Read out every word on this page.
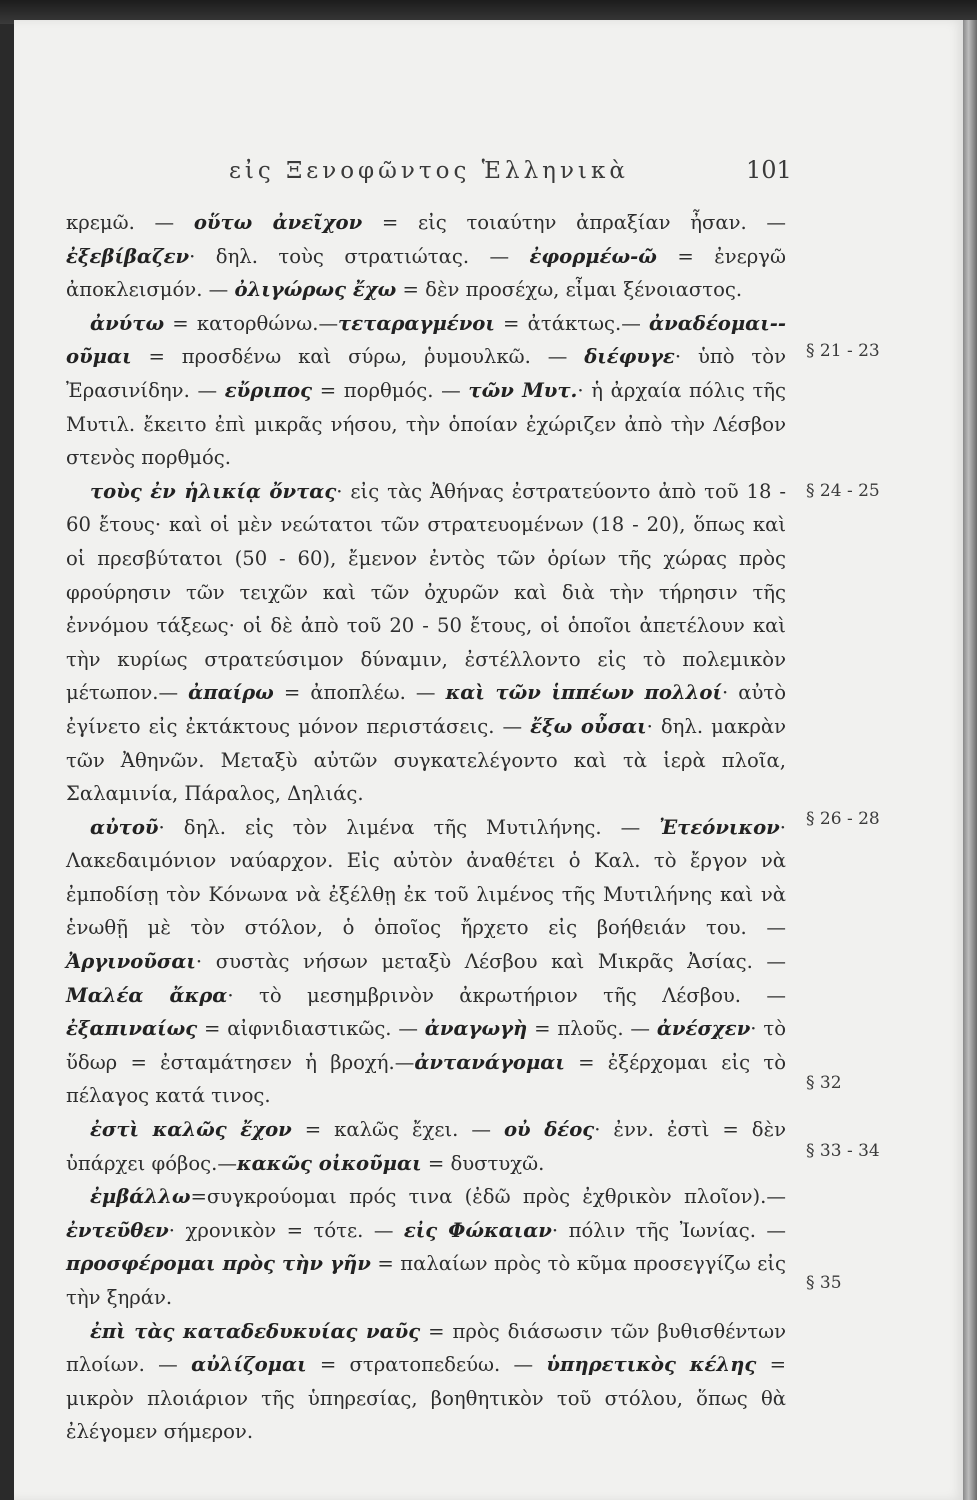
εἰς Ξενοφῶντος Ἑλληνικὰ	101

κρεμῶ. — οὕτω ἀνεῖχον = εἰς τοιαύτην ἀπραξίαν ἦσαν. — ἐξεβίβαζεν· δηλ. τοὺς στρατιώτας. — ἐφορμέω-ῶ = ἐνεργῶ ἀποκλεισμόν. — ὀλιγώρως ἔχω = δὲν προσέχω, εἶμαι ξένοιαστος.

ἀνύτω = κατορθώνω.—τεταραγμένοι = ἀτάκτως.— ἀναδέομαι--οῦμαι = προσδένω καὶ σύρω, ῥυμουλκῶ. — διέφυγε· ὑπὸ τὸν Ἐρασινίδην. — εὔριπος = πορθμός. — τῶν Μυτ.· ἡ ἀρχαία πόλις τῆς Μυτιλ. ἔκειτο ἐπὶ μικρᾶς νήσου, τὴν ὁποίαν ἐχώριζεν ἀπὸ τὴν Λέσβον στενὸς πορθμός.

τοὺς ἐν ἡλικίᾳ ὄντας· εἰς τὰς Ἀθήνας ἐστρατεύοντο ἀπὸ τοῦ 18 - 60 ἔτους· καὶ οἱ μὲν νεώτατοι τῶν στρατευομένων (18 - 20), ὅπως καὶ οἱ πρεσβύτατοι (50 - 60), ἔμενον ἐντὸς τῶν ὁρίων τῆς χώρας πρὸς φρούρησιν τῶν τειχῶν καὶ τῶν ὀχυρῶν καὶ διὰ τὴν τήρησιν τῆς ἐννόμου τάξεως· οἱ δὲ ἀπὸ τοῦ 20 - 50 ἔτους, οἱ ὁποῖοι ἀπετέλουν καὶ τὴν κυρίως στρατεύσιμον δύναμιν, ἐστέλλοντο εἰς τὸ πολεμικὸν μέτωπον.— ἀπαίρω = ἀποπλέω. — καὶ τῶν ἱππέων πολλοί· αὐτὸ ἐγίνετο εἰς ἐκτάκτους μόνον περιστάσεις. — ἔξω οὖσαι· δηλ. μακρὰν τῶν Ἀθηνῶν. Μεταξὺ αὐτῶν συγκατελέγοντο καὶ τὰ ἱερὰ πλοῖα, Σαλαμινία, Πάραλος, Δηλιάς.

αὐτοῦ· δηλ. εἰς τὸν λιμένα τῆς Μυτιλήνης. — Ἐτεόνικον· Λακεδαιμόνιον ναύαρχον. Εἰς αὐτὸν ἀναθέτει ὁ Καλ. τὸ ἔργον νὰ ἐμποδίσῃ τὸν Κόνωνα νὰ ἐξέλθῃ ἐκ τοῦ λιμένος τῆς Μυτιλήνης καὶ νὰ ἑνωθῇ μὲ τὸν στόλον, ὁ ὁποῖος ἤρχετο εἰς βοήθειάν του. — Ἀργινοῦσαι· συστὰς νήσων μεταξὺ Λέσβου καὶ Μικρᾶς Ἀσίας. — Μαλέα ἄκρα· τὸ μεσημβρινὸν ἀκρωτήριον τῆς Λέσβου. — ἐξαπιναίως = αἰφνιδιαστικῶς. — ἀναγωγὴ = πλοῦς. — ἀνέσχεν· τὸ ὕδωρ = ἐσταμάτησεν ἡ βροχή.—ἀντανάγομαι = ἐξέρχομαι εἰς τὸ πέλαγος κατά τινος.

ἐστὶ καλῶς ἔχον = καλῶς ἔχει. — οὐ δέος· ἐνν. ἐστὶ = δὲν ὑπάρχει φόβος.—κακῶς οἰκοῦμαι = δυστυχῶ.

ἐμβάλλω=συγκρούομαι πρός τινα (ἐδῶ πρὸς ἐχθρικὸν πλοῖον).— ἐντεῦθεν· χρονικὸν = τότε. — εἰς Φώκαιαν· πόλιν τῆς Ἰωνίας. — προσφέρομαι πρὸς τὴν γῆν = παλαίων πρὸς τὸ κῦμα προσεγγίζω εἰς τὴν ξηράν.

ἐπὶ τὰς καταδεδυκυίας ναῦς = πρὸς διάσωσιν τῶν βυθισθέντων πλοίων. — αὐλίζομαι = στρατοπεδεύω. — ὑπηρετικὸς κέλης = μικρὸν πλοιάριον τῆς ὑπηρεσίας, βοηθητικὸν τοῦ στόλου, ὅπως θὰ ἐλέγομεν σήμερον.

§ 21 - 23
§ 24 - 25
§ 26 - 28
§ 32
§ 33 - 34
§ 35
